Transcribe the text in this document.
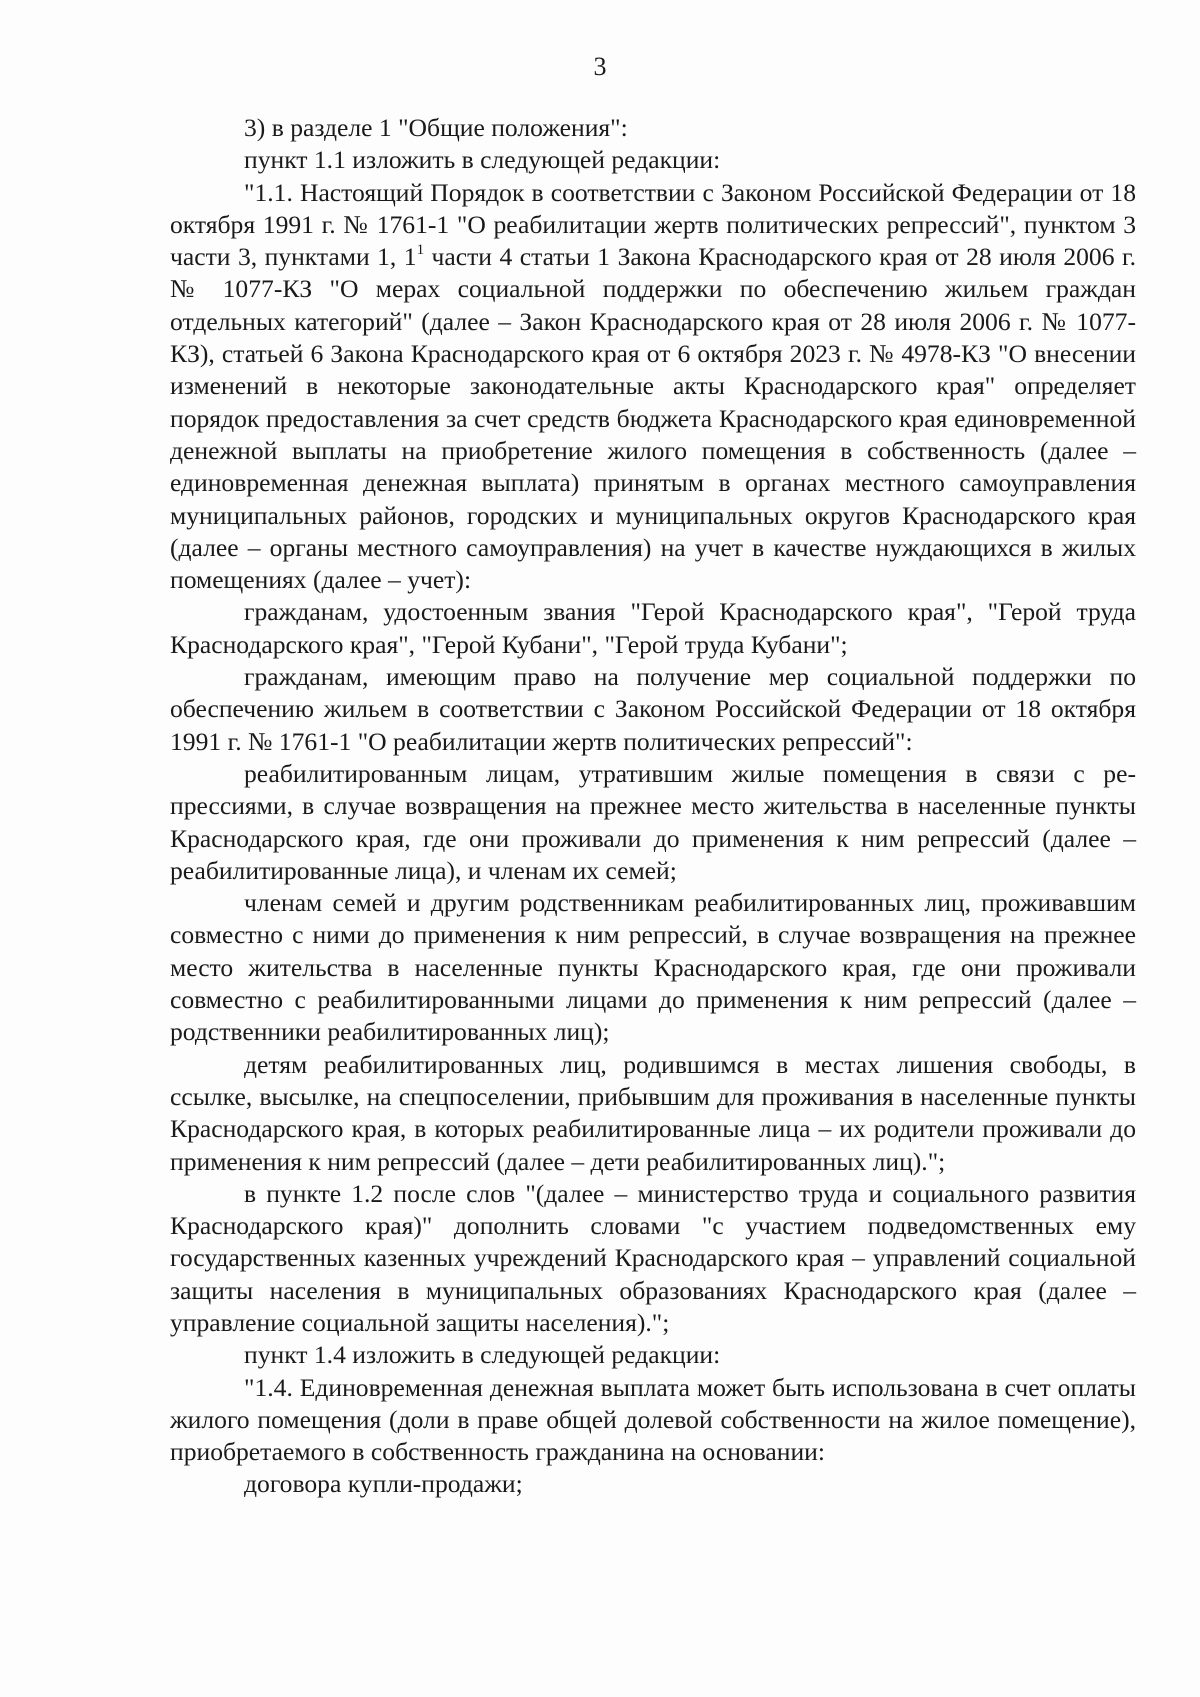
3

3) в разделе 1 "Общие положения":

пункт 1.1 изложить в следующей редакции:

"1.1. Настоящий Порядок в соответствии с Законом Российской Федерации от 18 октября 1991 г. № 1761-1 "О реабилитации жертв политических репрессий", пунктом 3 части 3, пунктами 1, $1^1$ части 4 статьи 1 Закона Краснодарского края от 28 июля 2006 г. № 1077-КЗ "О мерах социальной поддержки по обеспечению жильем граждан отдельных категорий" (далее – Закон Краснодарского края от 28 июля 2006 г. № 1077-КЗ), статьей 6 Закона Краснодарского края от 6 октября 2023 г. № 4978-КЗ "О внесении изменений в некоторые законодательные акты Краснодарского края" определяет порядок предоставления за счет средств бюджета Краснодарского края единовременной денежной выплаты на приобретение жилого помещения в собственность (далее – единовременная денежная выплата) принятым в органах местного самоуправления муниципальных районов, городских и муниципальных округов Краснодарского края (далее – органы местного самоуправления) на учет в качестве нуждающихся в жилых помещениях (далее – учет):

гражданам, удостоенным звания "Герой Краснодарского края", "Герой труда Краснодарского края", "Герой Кубани", "Герой труда Кубани";

гражданам, имеющим право на получение мер социальной поддержки по обеспечению жильем в соответствии с Законом Российской Федерации от 18 октября 1991 г. № 1761-1 "О реабилитации жертв политических репрессий":

реабилитированным лицам, утратившим жилые помещения в связи с репрессиями, в случае возвращения на прежнее место жительства в населенные пункты Краснодарского края, где они проживали до применения к ним репрессий (далее – реабилитированные лица), и членам их семей;

членам семей и другим родственникам реабилитированных лиц, проживавшим совместно с ними до применения к ним репрессий, в случае возвращения на прежнее место жительства в населенные пункты Краснодарского края, где они проживали совместно с реабилитированными лицами до применения к ним репрессий (далее – родственники реабилитированных лиц);

детям реабилитированных лиц, родившимся в местах лишения свободы, в ссылке, высылке, на спецпоселении, прибывшим для проживания в населенные пункты Краснодарского края, в которых реабилитированные лица – их родители проживали до применения к ним репрессий (далее – дети реабилитированных лиц).";

в пункте 1.2 после слов "(далее – министерство труда и социального развития Краснодарского края)" дополнить словами "с участием подведомственных ему государственных казенных учреждений Краснодарского края – управлений социальной защиты населения в муниципальных образованиях Краснодарского края (далее – управление социальной защиты населения).";

пункт 1.4 изложить в следующей редакции:

"1.4. Единовременная денежная выплата может быть использована в счет оплаты жилого помещения (доли в праве общей долевой собственности на жилое помещение), приобретаемого в собственность гражданина на основании:

договора купли-продажи;
